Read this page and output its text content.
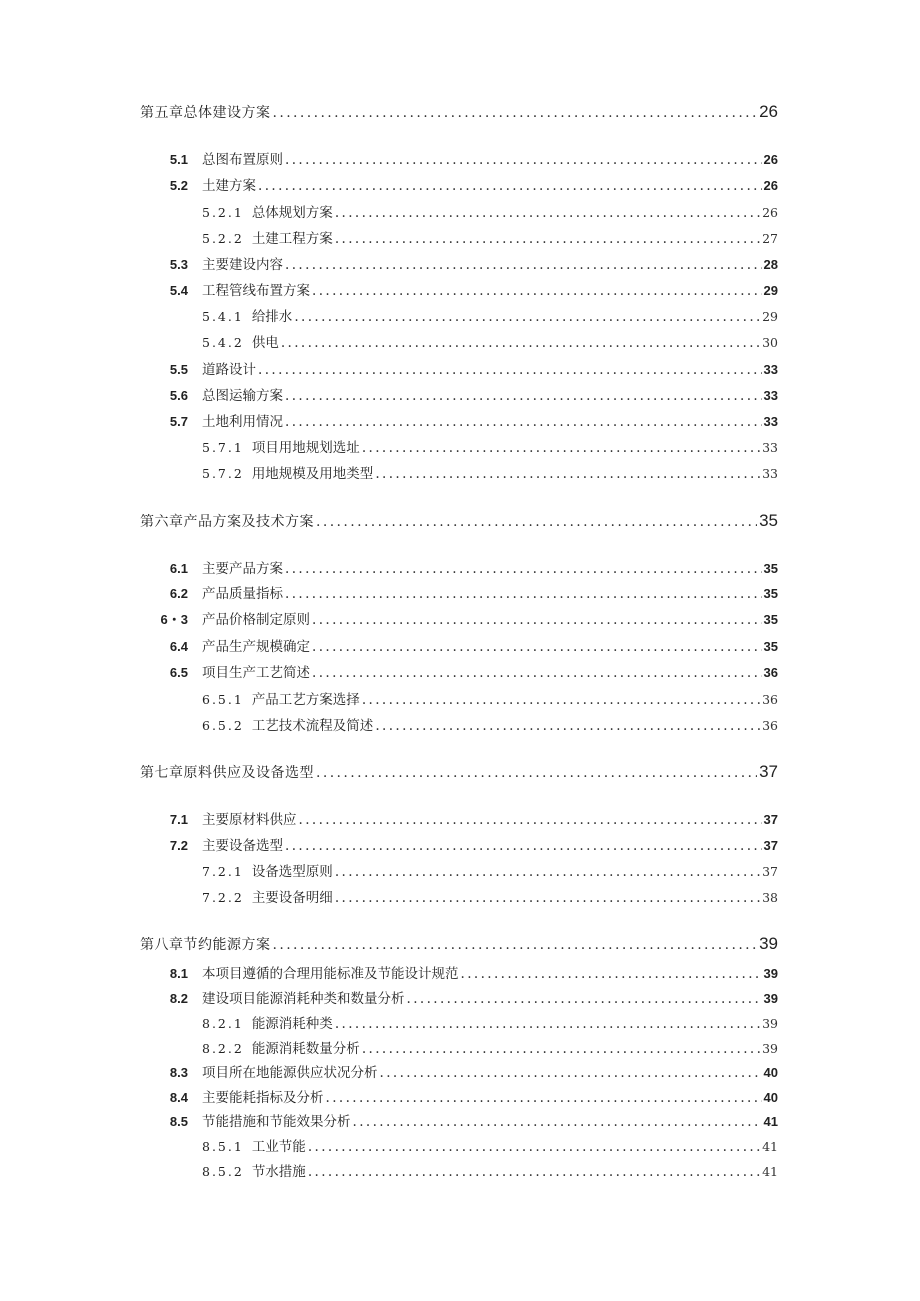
第五章总体建设方案 .....	26
5.1 总图布置原则 .....	26
5.2 土建方案 .....	26
5.2.1 总体规划方案 .....	26
5.2.2 土建工程方案 .....	27
5.3 主要建设内容 .....	28
5.4 工程管线布置方案 .....	29
5.4.1 给排水 .....	29
5.4.2 供电 .....	30
5.5 道路设计 .....	33
5.6 总图运输方案 .....	33
5.7 土地利用情况 .....	33
5.7.1 项目用地规划选址 .....	33
5.7.2 用地规模及用地类型 .....	33
第六章产品方案及技术方案 .....	35
6.1 主要产品方案 .....	35
6.2 产品质量指标 .....	35
6・3 产品价格制定原则 .....	35
6.4 产品生产规模确定 .....	35
6.5 项目生产工艺简述 .....	36
6.5.1 产品工艺方案选择 .....	36
6.5.2 工艺技术流程及简述 .....	36
第七章原料供应及设备选型 .....	37
7.1 主要原材料供应 .....	37
7.2 主要设备选型 .....	37
7.2.1 设备选型原则 .....	37
7.2.2 主要设备明细 .....	38
第八章节约能源方案 .....	39
8.1 本项目遵循的合理用能标准及节能设计规范 .....	39
8.2 建设项目能源消耗种类和数量分析 .....	39
8.2.1 能源消耗种类 .....	39
8.2.2 能源消耗数量分析 .....	39
8.3 项目所在地能源供应状况分析 .....	40
8.4 主要能耗指标及分析 .....	40
8.5 节能措施和节能效果分析 .....	41
8.5.1 工业节能 .....	41
8.5.2 节水措施 .....	41
